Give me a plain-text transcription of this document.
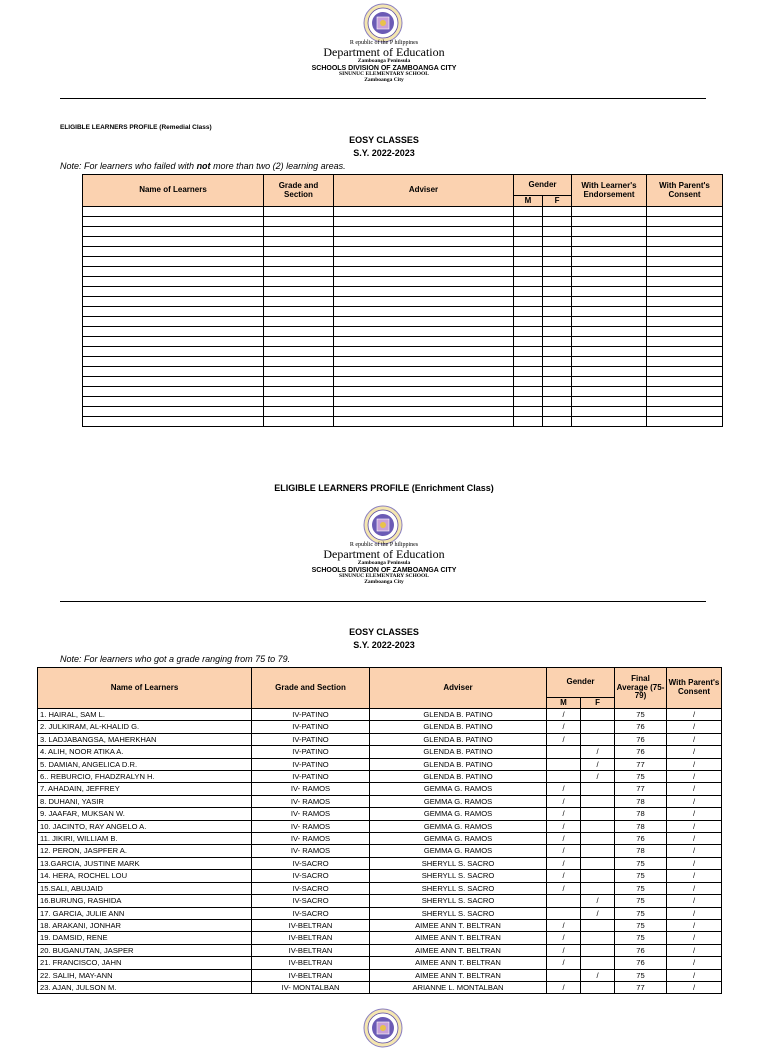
R epublic of the P hilippines
Department of Education
Zamboanga Peninsula
SCHOOLS DIVISION OF ZAMBOANGA CITY
SINUNUC ELEMENTARY SCHOOL
Zamboanga City
ELIGIBLE LEARNERS PROFILE (Remedial Class)
EOSY CLASSES
S.Y. 2022-2023
Note: For learners who failed with not more than two (2) learning areas.
Name of Learners	Grade and Section	Adviser	Gender		With Learner's Endorsement	With Parent's Consent
			M	F		

ELIGIBLE LEARNERS PROFILE (Enrichment Class)
R epublic of the P hilippines
Department of Education
Zamboanga Peninsula
SCHOOLS DIVISION OF ZAMBOANGA CITY
SINUNUC ELEMENTARY SCHOOL
Zamboanga City
EOSY CLASSES
S.Y. 2022-2023
Note: For learners who got a grade ranging from 75 to 79.
Name of Learners	Grade and Section	Adviser	Gender		Final Average (75-79)	With Parent's Consent
			M	F		
1. HAIRAL, SAM L.	IV-PATINO	GLENDA B. PATINO	/		75	/
2. JULKIRAM, AL-KHALID G.	IV-PATINO	GLENDA B. PATINO	/		76	/
3. LADJABANGSA, MAHERKHAN	IV-PATINO	GLENDA B. PATINO	/		76	/
4. ALIH, NOOR ATIKA A.	IV-PATINO	GLENDA B. PATINO		/	76	/
5. DAMIAN, ANGELICA D.R.	IV-PATINO	GLENDA B. PATINO		/	77	/
6.. REBURCIO, FHADZRALYN H.	IV-PATINO	GLENDA B. PATINO		/	75	/
7. AHADAIN, JEFFREY	IV- RAMOS	GEMMA G. RAMOS	/		77	/
8. DUHANI, YASIR	IV- RAMOS	GEMMA G. RAMOS	/		78	/
9. JAAFAR, MUKSAN W.	IV- RAMOS	GEMMA G. RAMOS	/		78	/
10. JACINTO, RAY ANGELO A.	IV- RAMOS	GEMMA G. RAMOS	/		78	/
11. JIKIRI, WILLIAM B.	IV- RAMOS	GEMMA G. RAMOS	/		76	/
12. PERON, JASPFER A.	IV- RAMOS	GEMMA G. RAMOS	/		78	/
13.GARCIA, JUSTINE MARK	IV-SACRO	SHERYLL S. SACRO	/		75	/
14. HERA, ROCHEL LOU	IV-SACRO	SHERYLL S. SACRO	/		75	/
15.SALI, ABUJAID	IV-SACRO	SHERYLL S. SACRO	/		75	/
16.BURUNG, RASHIDA	IV-SACRO	SHERYLL S. SACRO		/	75	/
17. GARCIA, JULIE ANN	IV-SACRO	SHERYLL S. SACRO		/	75	/
18. ARAKANI, JONHAR	IV-BELTRAN	AIMEE ANN T. BELTRAN	/		75	/
19. DAMSID, RENE	IV-BELTRAN	AIMEE ANN T. BELTRAN	/		75	/
20. BUGANUTAN, JASPER	IV-BELTRAN	AIMEE ANN T. BELTRAN	/		76	/
21. FRANCISCO, JAHN	IV-BELTRAN	AIMEE ANN T. BELTRAN	/		76	/
22. SALIH, MAY-ANN	IV-BELTRAN	AIMEE ANN T. BELTRAN		/	75	/
23. AJAN, JULSON M.	IV- MONTALBAN	ARIANNE L. MONTALBAN	/		77	/
